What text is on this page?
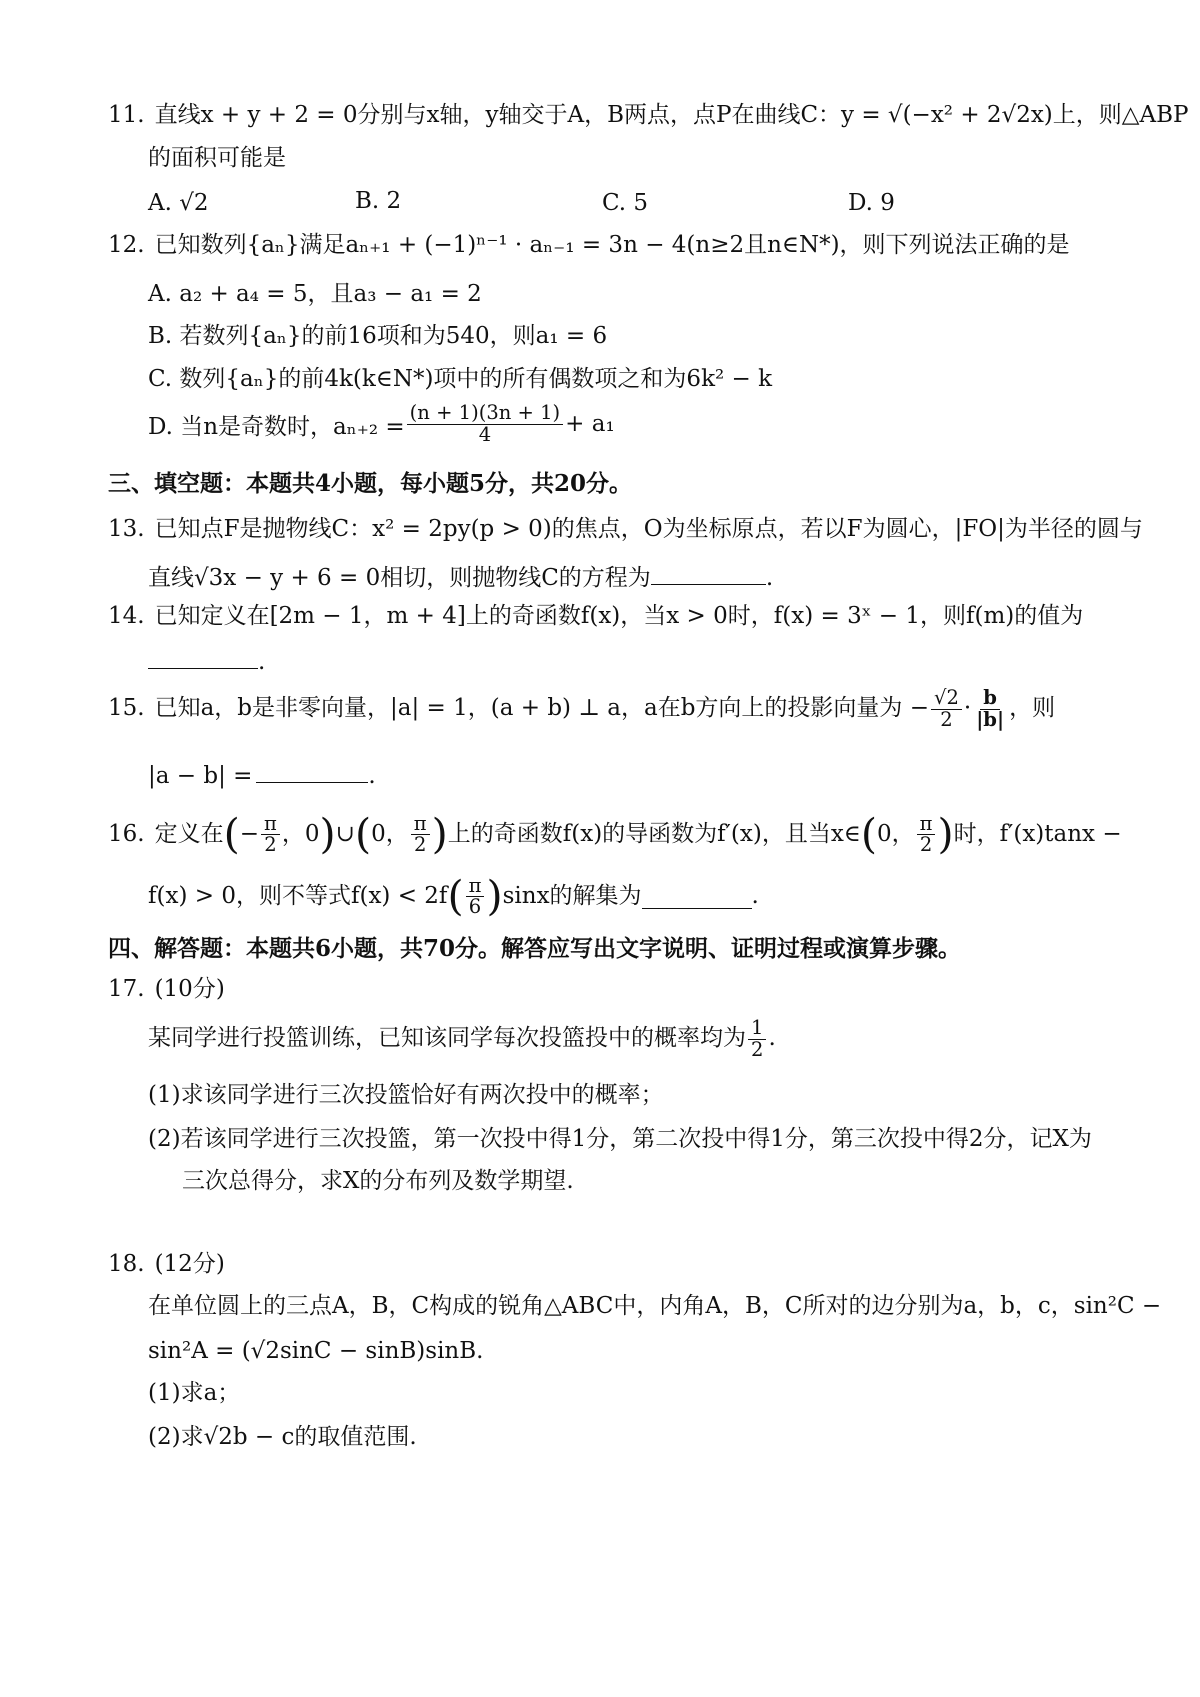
11. 直线x + y + 2 = 0分别与x轴，y轴交于A，B两点，点P在曲线C：y = √(−x² + 2√2x)上，则△ABP
的面积可能是
A. √2	B. 2	C. 5	D. 9
12. 已知数列{aₙ}满足aₙ₊₁ + (−1)ⁿ⁻¹ · aₙ₋₁ = 3n − 4(n≥2且n∈N*)，则下列说法正确的是
A. a₂ + a₄ = 5，且a₃ − a₁ = 2
B. 若数列{aₙ}的前16项和为540，则a₁ = 6
C. 数列{aₙ}的前4k(k∈N*)项中的所有偶数项之和为6k² − k
D. 当n是奇数时，$a_{n+2} = \frac{(n + 1)(3n + 1)}{4} + a_1$
三、填空题：本题共4小题，每小题5分，共20分。
13. 已知点F是抛物线C：x² = 2py(p > 0)的焦点，O为坐标原点，若以F为圆心，|FO|为半径的圆与
直线√3x − y + 6 = 0相切，则抛物线C的方程为	.
14. 已知定义在[2m − 1，m + 4]上的奇函数f(x)，当x > 0时，f(x) = 3ˣ − 1，则f(m)的值为
.
15. 已知a，b是非零向量，|a| = 1，(a + b) ⊥ a，a在b方向上的投影向量为 − $\frac{√2}{2} \cdot \frac{b}{|b|}$ ，则
|a − b| =	.
16. 定义在 ( − $\frac{\pi}{2}$ ，0 ) ∪ ( 0， $\frac{\pi}{2}$ ) 上的奇函数f(x)的导函数为f′(x)，且当x∈ ( 0， $\frac{\pi}{2}$ ) 时，f′(x)tanx −
f(x) > 0，则不等式f(x) < 2f ( $\frac{\pi}{6}$ ) sinx的解集为	.
四、解答题：本题共6小题，共70分。解答应写出文字说明、证明过程或演算步骤。
17. (10分)
某同学进行投篮训练，已知该同学每次投篮投中的概率均为 $\frac{1}{2}$ .
(1)求该同学进行三次投篮恰好有两次投中的概率；
(2)若该同学进行三次投篮，第一次投中得1分，第二次投中得1分，第三次投中得2分，记X为
三次总得分，求X的分布列及数学期望.
18. (12分)
在单位圆上的三点A，B，C构成的锐角△ABC中，内角A，B，C所对的边分别为a，b，c，sin²C −
sin²A = (√2sinC − sinB)sinB.
(1)求a；
(2)求√2b − c的取值范围.
